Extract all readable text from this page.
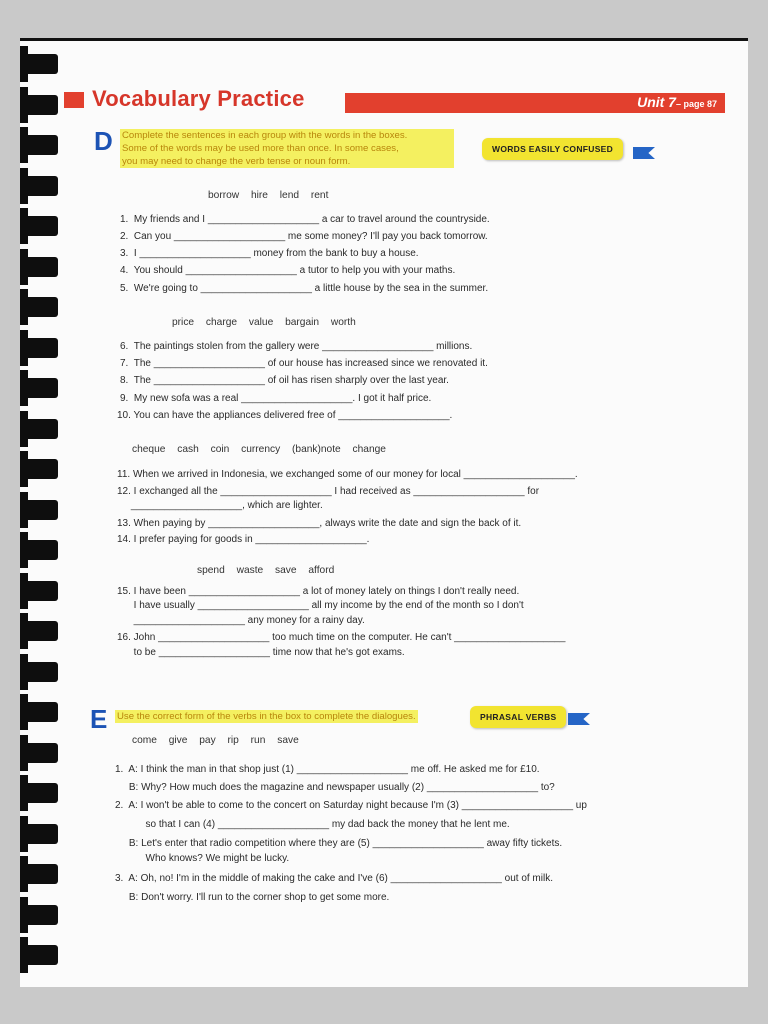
Vocabulary Practice	Unit 7– page 87
D Complete the sentences in each group with the words in the boxes.
Some of the words may be used more than once. In some cases,
you may need to change the verb tense or noun form.
WORDS EASILY CONFUSED
borrow hire lend rent
1.  My friends and I ____________________ a car to travel around the countryside.
2.  Can you ____________________ me some money? I'll pay you back tomorrow.
3.  I ____________________ money from the bank to buy a house.
4.  You should ____________________ a tutor to help you with your maths.
5.  We're going to ____________________ a little house by the sea in the summer.
price charge value bargain worth
6.  The paintings stolen from the gallery were ____________________ millions.
7.  The ____________________ of our house has increased since we renovated it.
8.  The ____________________ of oil has risen sharply over the last year.
9.  My new sofa was a real ____________________. I got it half price.
10. You can have the appliances delivered free of ____________________.
cheque cash coin currency (bank)note change
11. When we arrived in Indonesia, we exchanged some of our money for local ____________________.
12. I exchanged all the ____________________ I had received as ____________________ for
____________________, which are lighter.
13. When paying by ____________________, always write the date and sign the back of it.
14. I prefer paying for goods in ____________________.
spend waste save afford
15. I have been ____________________ a lot of money lately on things I don't really need.
I have usually ____________________ all my income by the end of the month so I don't
____________________ any money for a rainy day.
16. John ____________________ too much time on the computer. He can't ____________________
to be ____________________ time now that he's got exams.
E Use the correct form of the verbs in the box to complete the dialogues.	PHRASAL VERBS
come give pay rip run save
1.  A: I think the man in that shop just (1) ____________________ me off. He asked me for £10.
B: Why? How much does the magazine and newspaper usually (2) ____________________ to?
2.  A: I won't be able to come to the concert on Saturday night because I'm (3) ____________________ up
so that I can (4) ____________________ my dad back the money that he lent me.
B: Let's enter that radio competition where they are (5) ____________________ away fifty tickets.
Who knows? We might be lucky.
3.  A: Oh, no! I'm in the middle of making the cake and I've (6) ____________________ out of milk.
B: Don't worry. I'll run to the corner shop to get some more.
